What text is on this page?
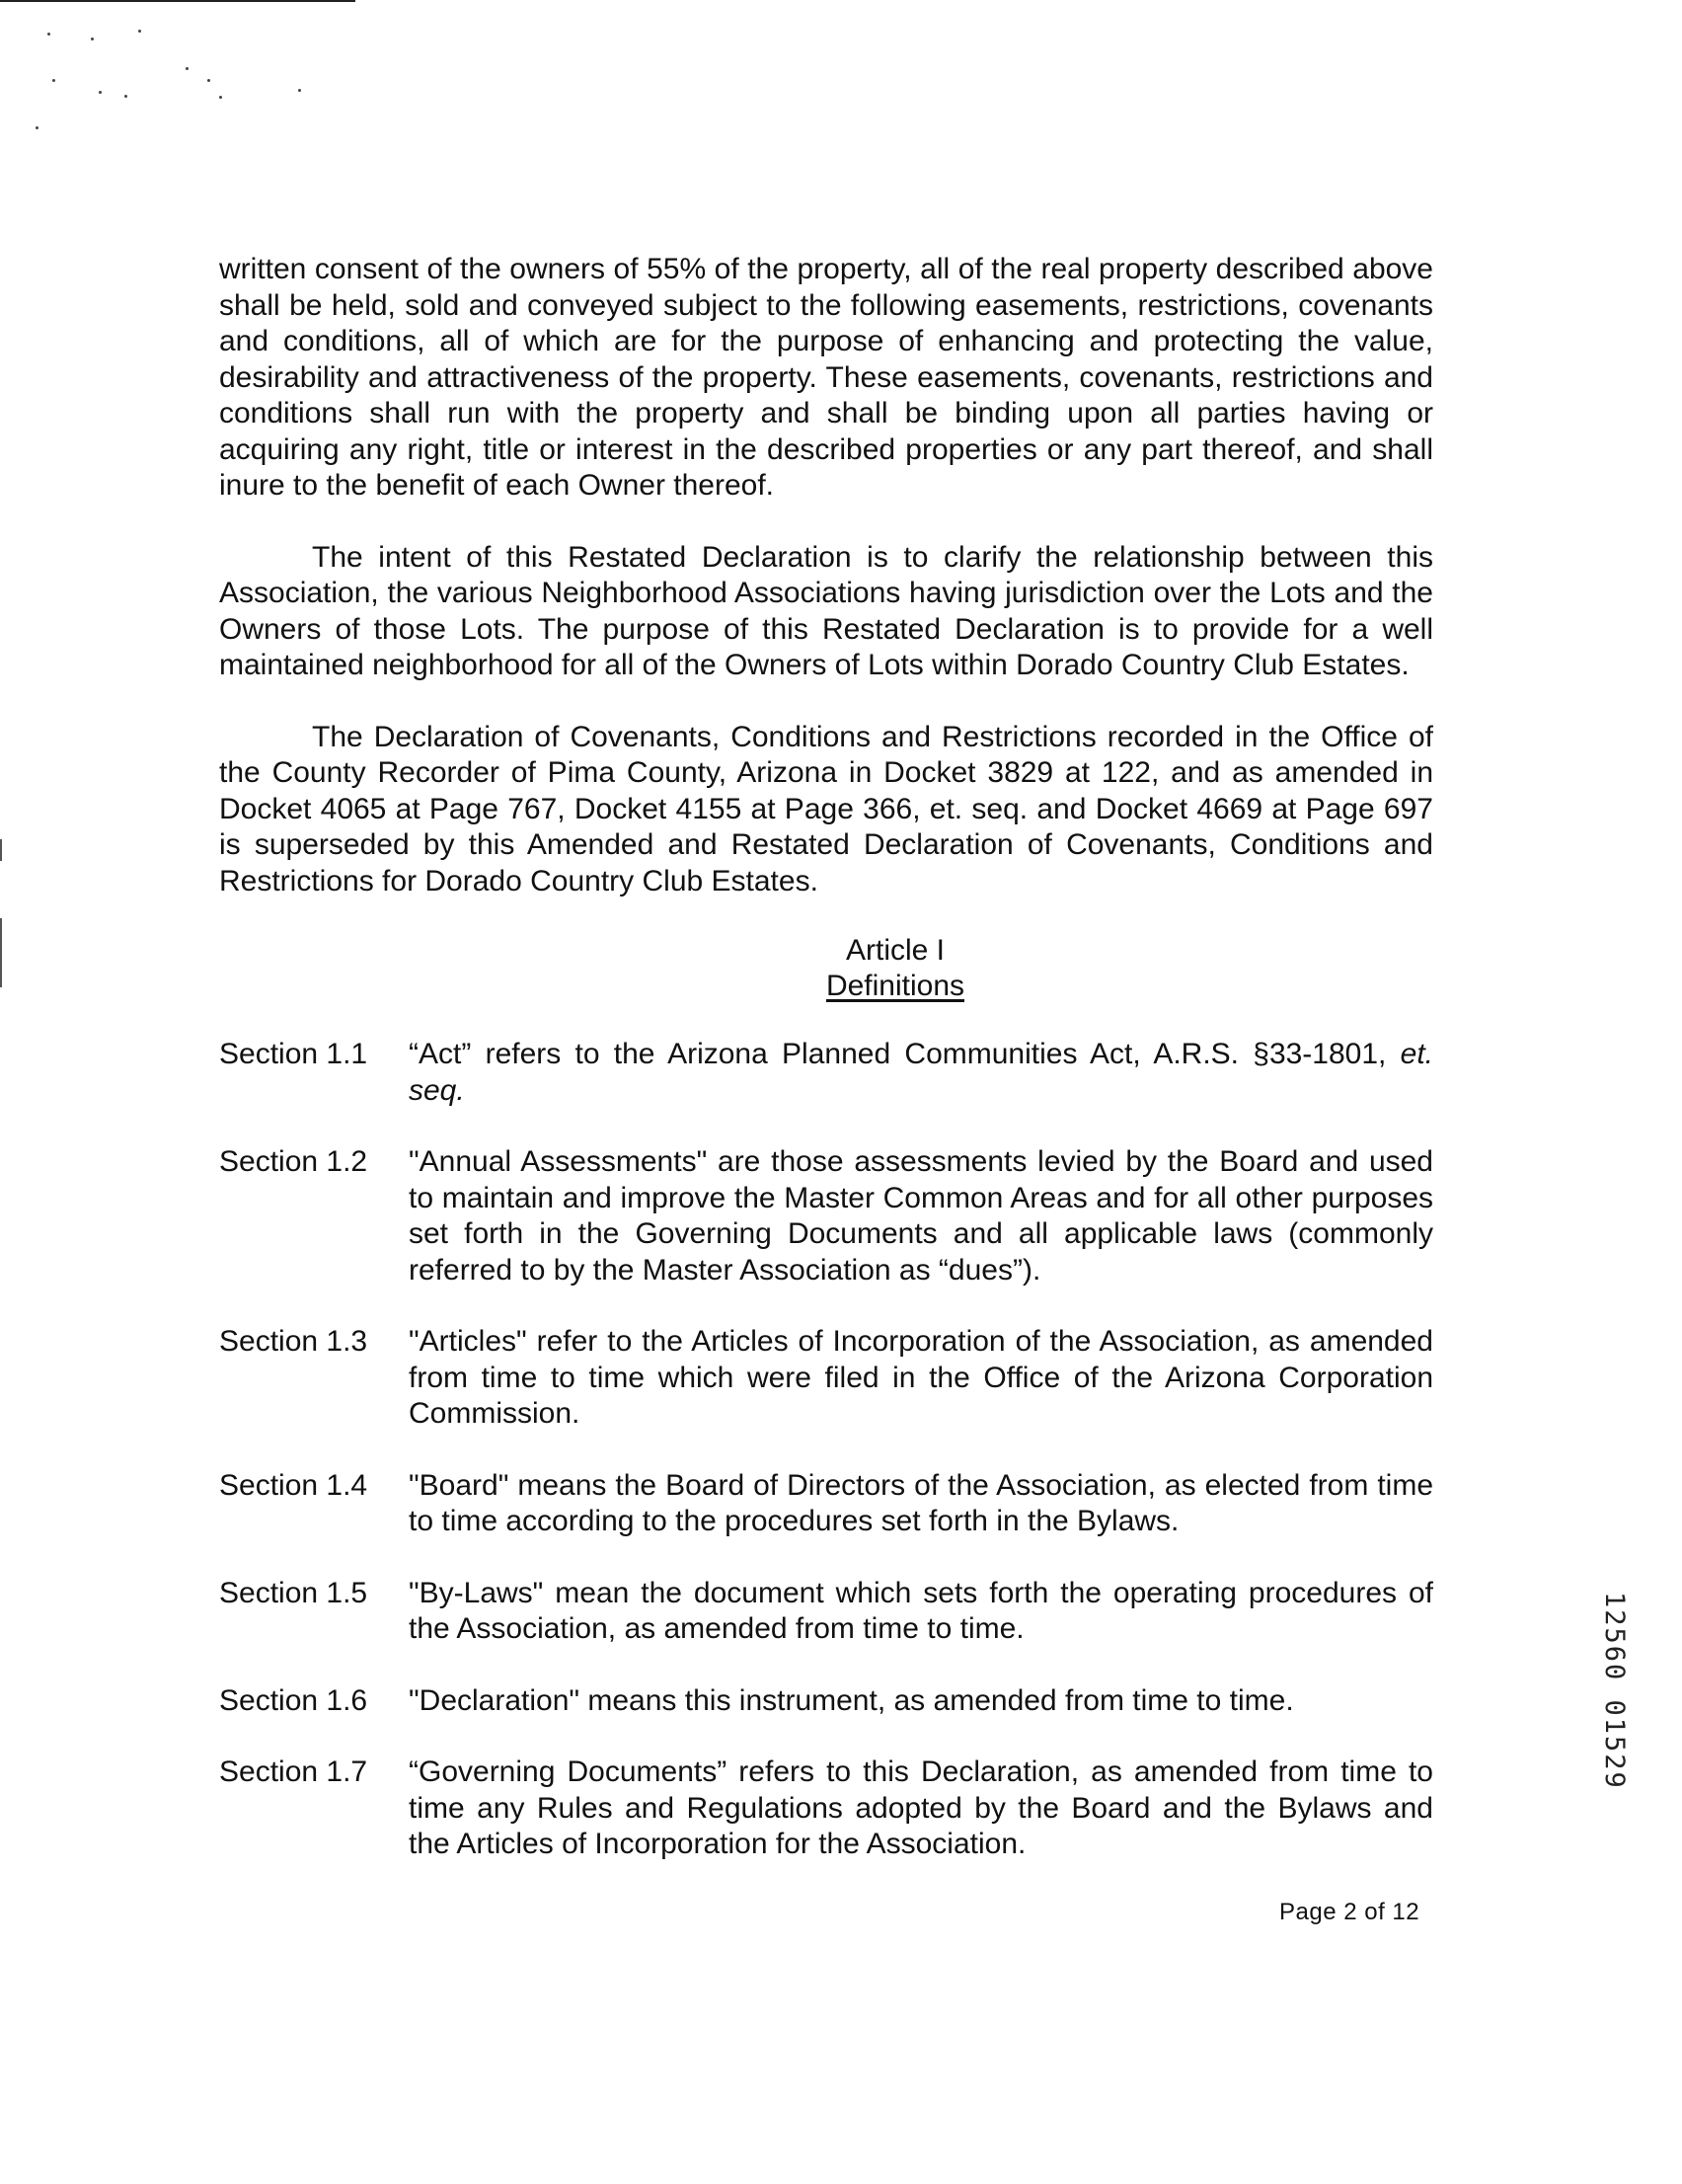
written consent of the owners of 55% of the property, all of the real property described above shall be held, sold and conveyed subject to the following easements, restrictions, covenants and conditions, all of which are for the purpose of enhancing and protecting the value, desirability and attractiveness of the property. These easements, covenants, restrictions and conditions shall run with the property and shall be binding upon all parties having or acquiring any right, title or interest in the described properties or any part thereof, and shall inure to the benefit of each Owner thereof.

The intent of this Restated Declaration is to clarify the relationship between this Association, the various Neighborhood Associations having jurisdiction over the Lots and the Owners of those Lots. The purpose of this Restated Declaration is to provide for a well maintained neighborhood for all of the Owners of Lots within Dorado Country Club Estates.

The Declaration of Covenants, Conditions and Restrictions recorded in the Office of the County Recorder of Pima County, Arizona in Docket 3829 at 122, and as amended in Docket 4065 at Page 767, Docket 4155 at Page 366, et. seq. and Docket 4669 at Page 697 is superseded by this Amended and Restated Declaration of Covenants, Conditions and Restrictions for Dorado Country Club Estates.

Article I
Definitions
Section 1.1	“Act” refers to the Arizona Planned Communities Act, A.R.S. §33-1801, et. seq.
Section 1.2	"Annual Assessments" are those assessments levied by the Board and used to maintain and improve the Master Common Areas and for all other purposes set forth in the Governing Documents and all applicable laws (commonly referred to by the Master Association as “dues”).
Section 1.3	"Articles" refer to the Articles of Incorporation of the Association, as amended from time to time which were filed in the Office of the Arizona Corporation Commission.
Section 1.4	"Board" means the Board of Directors of the Association, as elected from time to time according to the procedures set forth in the Bylaws.
Section 1.5	"By-Laws" mean the document which sets forth the operating procedures of the Association, as amended from time to time.
Section 1.6	"Declaration" means this instrument, as amended from time to time.
Section 1.7	“Governing Documents” refers to this Declaration, as amended from time to time any Rules and Regulations adopted by the Board and the Bylaws and the Articles of Incorporation for the Association.
Page 2 of 12
12560 01529
